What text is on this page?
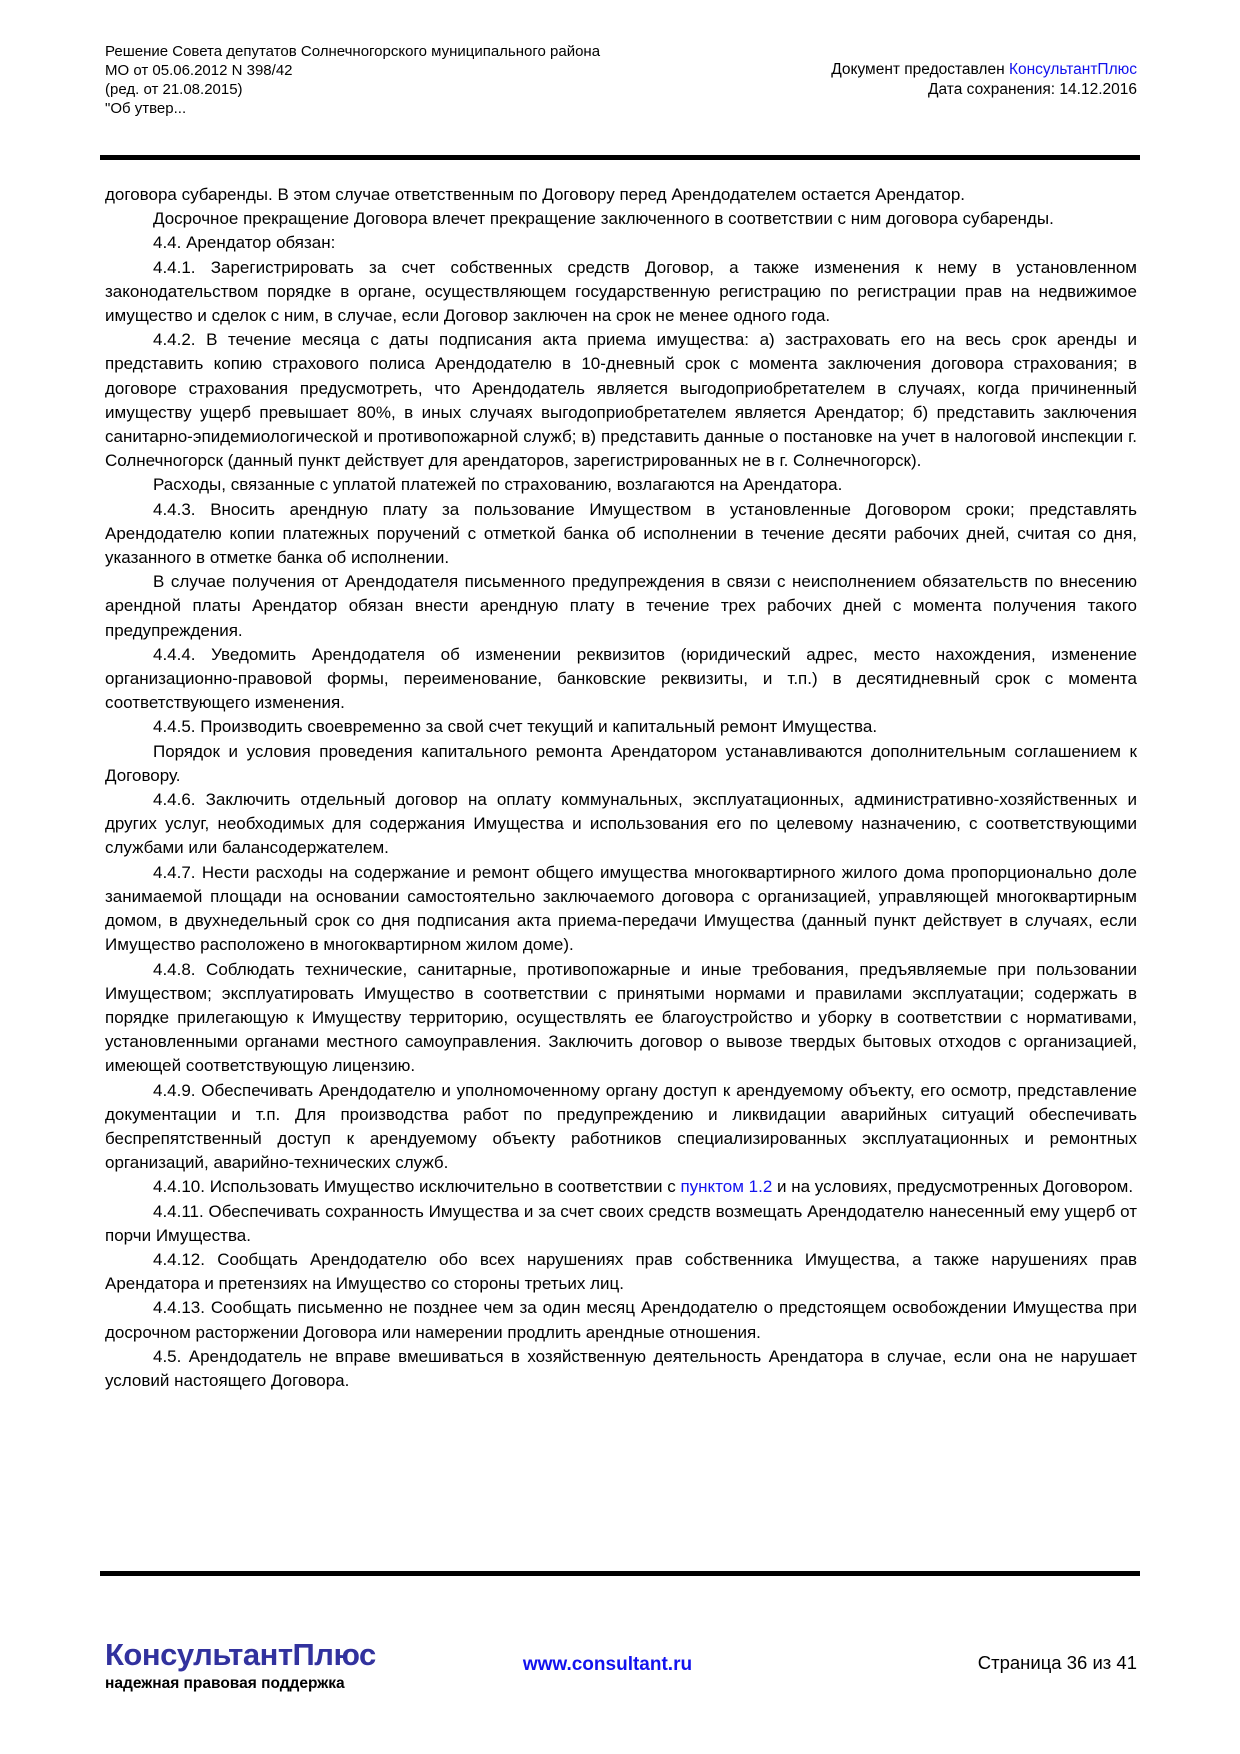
Решение Совета депутатов Солнечногорского муниципального района
МО от 05.06.2012 N 398/42
(ред. от 21.08.2015)
"Об утвер...
Документ предоставлен КонсультантПлюс
Дата сохранения: 14.12.2016

договора субаренды. В этом случае ответственным по Договору перед Арендодателем остается Арендатор.

Досрочное прекращение Договора влечет прекращение заключенного в соответствии с ним договора субаренды.

4.4. Арендатор обязан:

4.4.1. Зарегистрировать за счет собственных средств Договор, а также изменения к нему в установленном законодательством порядке в органе, осуществляющем государственную регистрацию по регистрации прав на недвижимое имущество и сделок с ним, в случае, если Договор заключен на срок не менее одного года.

4.4.2. В течение месяца с даты подписания акта приема имущества: а) застраховать его на весь срок аренды и представить копию страхового полиса Арендодателю в 10-дневный срок с момента заключения договора страхования; в договоре страхования предусмотреть, что Арендодатель является выгодоприобретателем в случаях, когда причиненный имуществу ущерб превышает 80%, в иных случаях выгодоприобретателем является Арендатор; б) представить заключения санитарно-эпидемиологической и противопожарной служб; в) представить данные о постановке на учет в налоговой инспекции г. Солнечногорск (данный пункт действует для арендаторов, зарегистрированных не в г. Солнечногорск).

Расходы, связанные с уплатой платежей по страхованию, возлагаются на Арендатора.

4.4.3. Вносить арендную плату за пользование Имуществом в установленные Договором сроки; представлять Арендодателю копии платежных поручений с отметкой банка об исполнении в течение десяти рабочих дней, считая со дня, указанного в отметке банка об исполнении.

В случае получения от Арендодателя письменного предупреждения в связи с неисполнением обязательств по внесению арендной платы Арендатор обязан внести арендную плату в течение трех рабочих дней с момента получения такого предупреждения.

4.4.4. Уведомить Арендодателя об изменении реквизитов (юридический адрес, место нахождения, изменение организационно-правовой формы, переименование, банковские реквизиты, и т.п.) в десятидневный срок с момента соответствующего изменения.

4.4.5. Производить своевременно за свой счет текущий и капитальный ремонт Имущества.

Порядок и условия проведения капитального ремонта Арендатором устанавливаются дополнительным соглашением к Договору.

4.4.6. Заключить отдельный договор на оплату коммунальных, эксплуатационных, административно-хозяйственных и других услуг, необходимых для содержания Имущества и использования его по целевому назначению, с соответствующими службами или балансодержателем.

4.4.7. Нести расходы на содержание и ремонт общего имущества многоквартирного жилого дома пропорционально доле занимаемой площади на основании самостоятельно заключаемого договора с организацией, управляющей многоквартирным домом, в двухнедельный срок со дня подписания акта приема-передачи Имущества (данный пункт действует в случаях, если Имущество расположено в многоквартирном жилом доме).

4.4.8. Соблюдать технические, санитарные, противопожарные и иные требования, предъявляемые при пользовании Имуществом; эксплуатировать Имущество в соответствии с принятыми нормами и правилами эксплуатации; содержать в порядке прилегающую к Имуществу территорию, осуществлять ее благоустройство и уборку в соответствии с нормативами, установленными органами местного самоуправления. Заключить договор о вывозе твердых бытовых отходов с организацией, имеющей соответствующую лицензию.

4.4.9. Обеспечивать Арендодателю и уполномоченному органу доступ к арендуемому объекту, его осмотр, представление документации и т.п. Для производства работ по предупреждению и ликвидации аварийных ситуаций обеспечивать беспрепятственный доступ к арендуемому объекту работников специализированных эксплуатационных и ремонтных организаций, аварийно-технических служб.

4.4.10. Использовать Имущество исключительно в соответствии с пунктом 1.2 и на условиях, предусмотренных Договором.

4.4.11. Обеспечивать сохранность Имущества и за счет своих средств возмещать Арендодателю нанесенный ему ущерб от порчи Имущества.

4.4.12. Сообщать Арендодателю обо всех нарушениях прав собственника Имущества, а также нарушениях прав Арендатора и претензиях на Имущество со стороны третьих лиц.

4.4.13. Сообщать письменно не позднее чем за один месяц Арендодателю о предстоящем освобождении Имущества при досрочном расторжении Договора или намерении продлить арендные отношения.

4.5. Арендодатель не вправе вмешиваться в хозяйственную деятельность Арендатора в случае, если она не нарушает условий настоящего Договора.

КонсультантПлюс
надежная правовая поддержка
www.consultant.ru	Страница 36 из 41
